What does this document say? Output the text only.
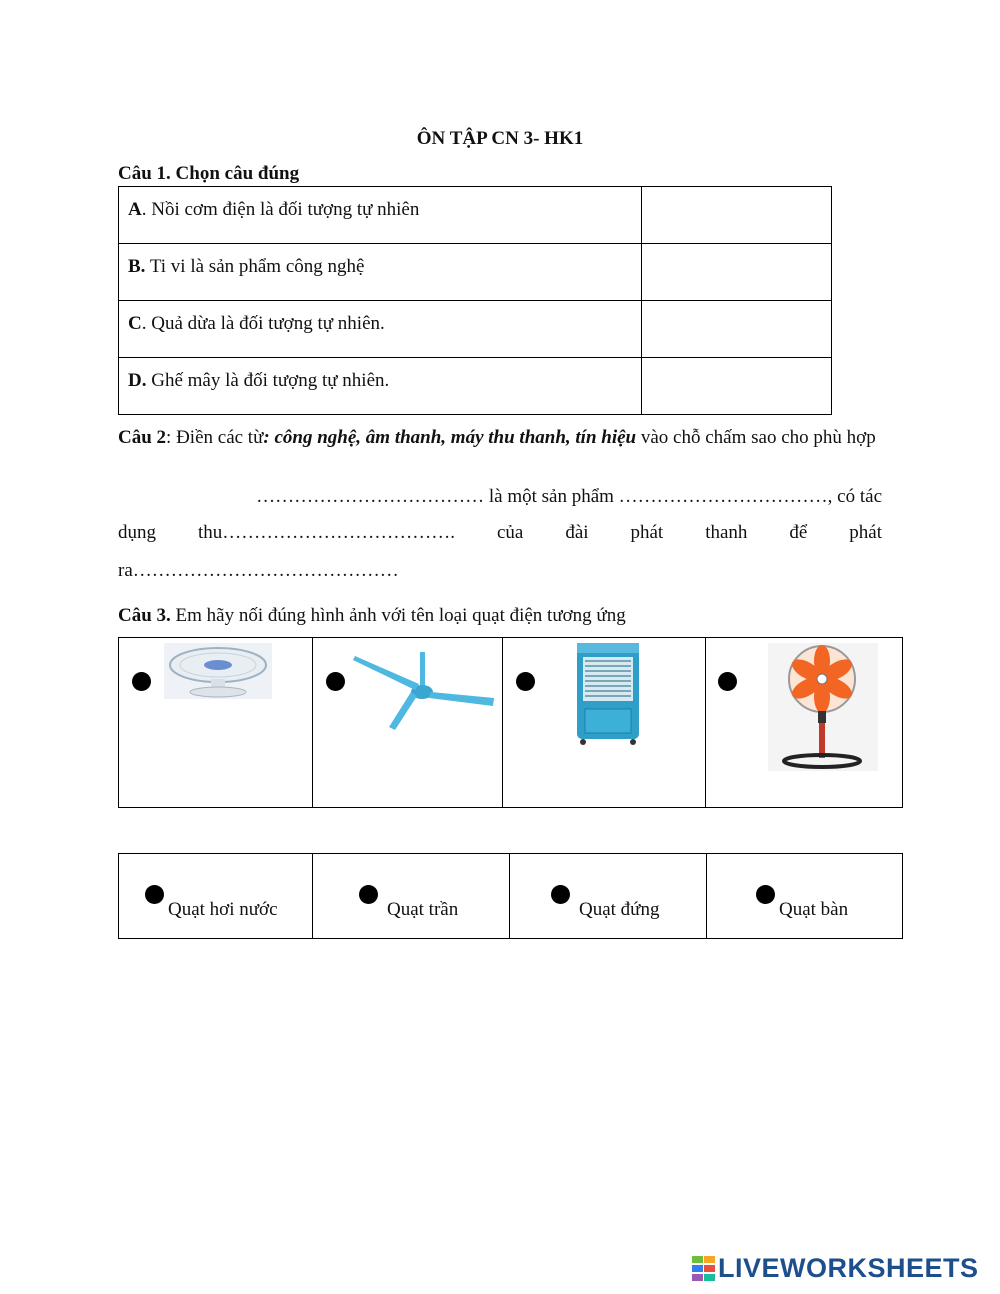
ÔN TẬP CN 3- HK1
Câu 1. Chọn câu đúng
A. Nồi cơm điện là đối tượng tự nhiên	

B. Ti vi là sản phẩm công nghệ	

C. Quả dừa là đối tượng tự nhiên.	

D. Ghế mây là đối tượng tự nhiên.	

Câu 2: Điền các từ: công nghệ, âm thanh, máy thu thanh, tín hiệu vào chỗ chấm sao cho phù hợp
……………………………… là một sản phẩm ……………………………, có tác
dụng thu………………………………. của đài phát thanh để phát
ra……………………………………
Câu 3. Em hãy nối đúng hình ảnh với tên loại quạt điện tương ứng
Quạt hơi nước	Quạt trần	Quạt đứng	Quạt bàn
LIVEWORKSHEETS
